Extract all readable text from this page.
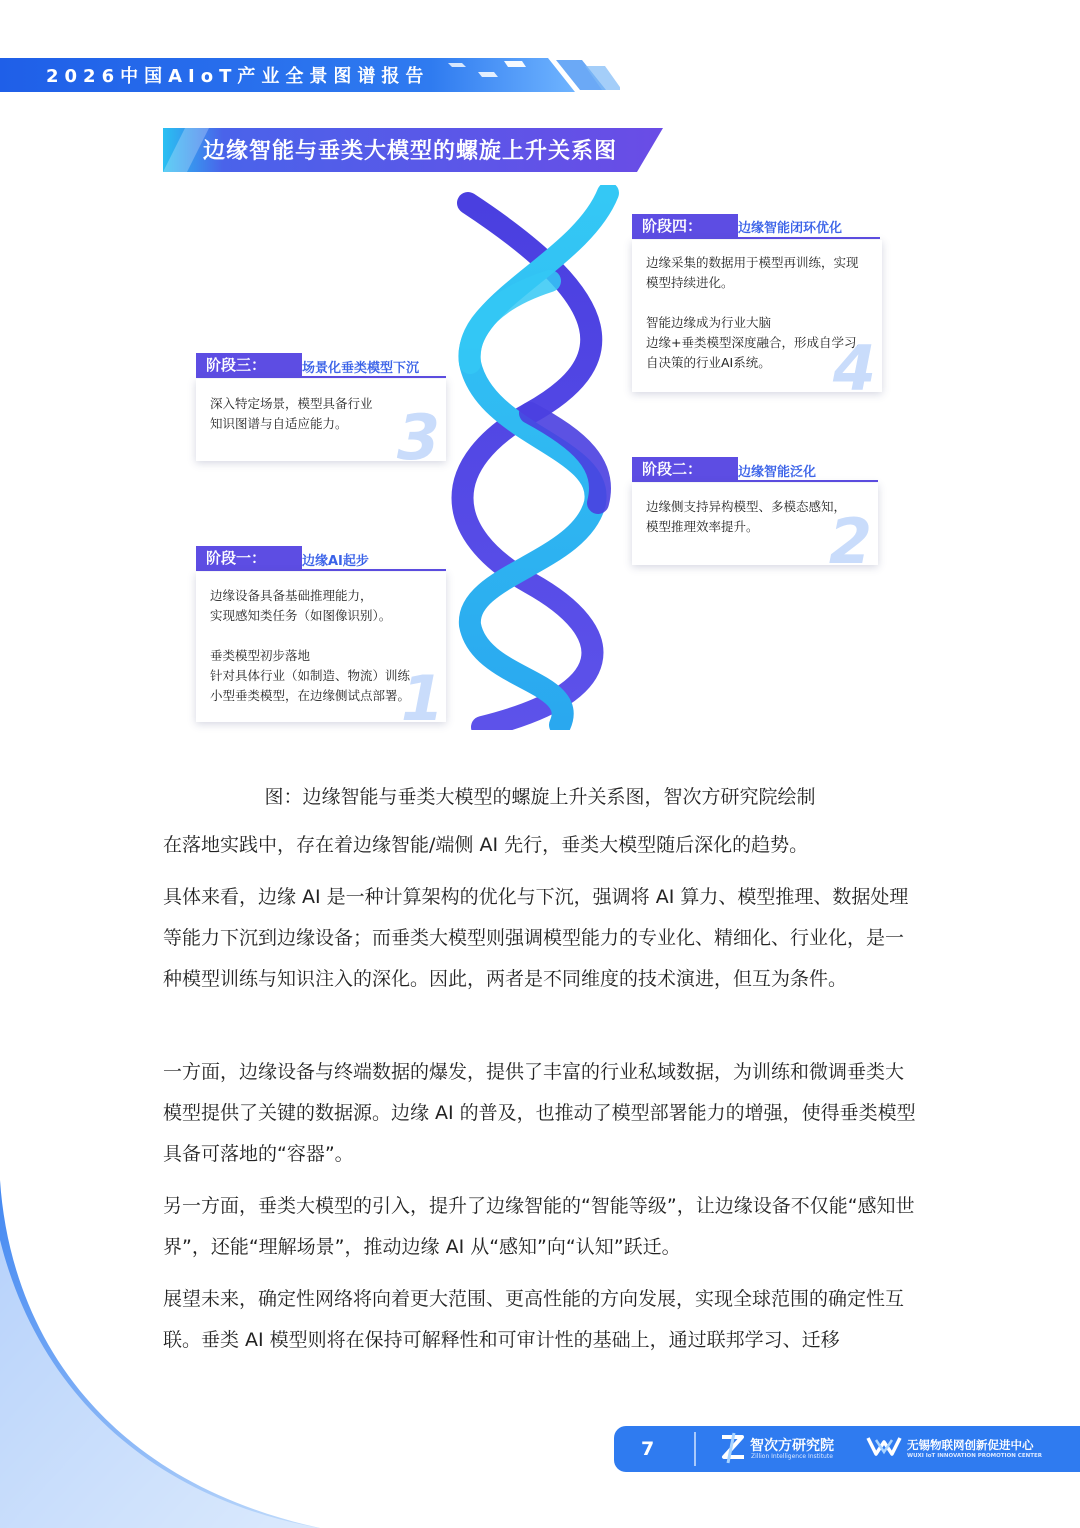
2026中国AIoT产业全景图谱报告
边缘智能与垂类大模型的螺旋上升关系图
阶段四：	边缘智能闭环优化

边缘采集的数据用于模型再训练，实现

模型持续进化。

智能边缘成为行业大脑

边缘+垂类模型深度融合，形成自学习、

自决策的行业AI系统。	4
阶段三：	场景化垂类模型下沉

深入特定场景，模型具备行业

知识图谱与自适应能力。 3	阶段二：	边缘智能泛化

边缘侧支持异构模型、多模态感知，

模型推理效率提升。	2
阶段一：	边缘AI起步

边缘设备具备基础推理能力，

实现感知类任务（如图像识别）。

垂类模型初步落地

针对具体行业（如制造、物流）训练

小型垂类模型，在边缘侧试点部署。

1
图：边缘智能与垂类大模型的螺旋上升关系图，智次方研究院绘制

在落地实践中，存在着边缘智能/端侧 AI 先行，垂类大模型随后深化的趋势。

具体来看，边缘 AI 是一种计算架构的优化与下沉，强调将 AI 算力、模型推理、数据处理等能力下沉到边缘设备；而垂类大模型则强调模型能力的专业化、精细化、行业化，是一种模型训练与知识注入的深化。因此，两者是不同维度的技术演进，但互为条件。

一方面，边缘设备与终端数据的爆发，提供了丰富的行业私域数据，为训练和微调垂类大模型提供了关键的数据源。边缘 AI 的普及，也推动了模型部署能力的增强，使得垂类模型具备可落地的“容器”。

另一方面，垂类大模型的引入，提升了边缘智能的“智能等级”，让边缘设备不仅能“感知世界”，还能“理解场景”，推动边缘 AI 从“感知”向“认知”跃迁。

展望未来，确定性网络将向着更大范围、更高性能的方向发展，实现全球范围的确定性互联。垂类 AI 模型则将在保持可解释性和可审计性的基础上，通过联邦学习、迁移

7	智次方研究院
Zillion Intelligence Institute
无锡物联网创新促进中心
WUXI IoT INNOVATION PROMOTION CENTER
